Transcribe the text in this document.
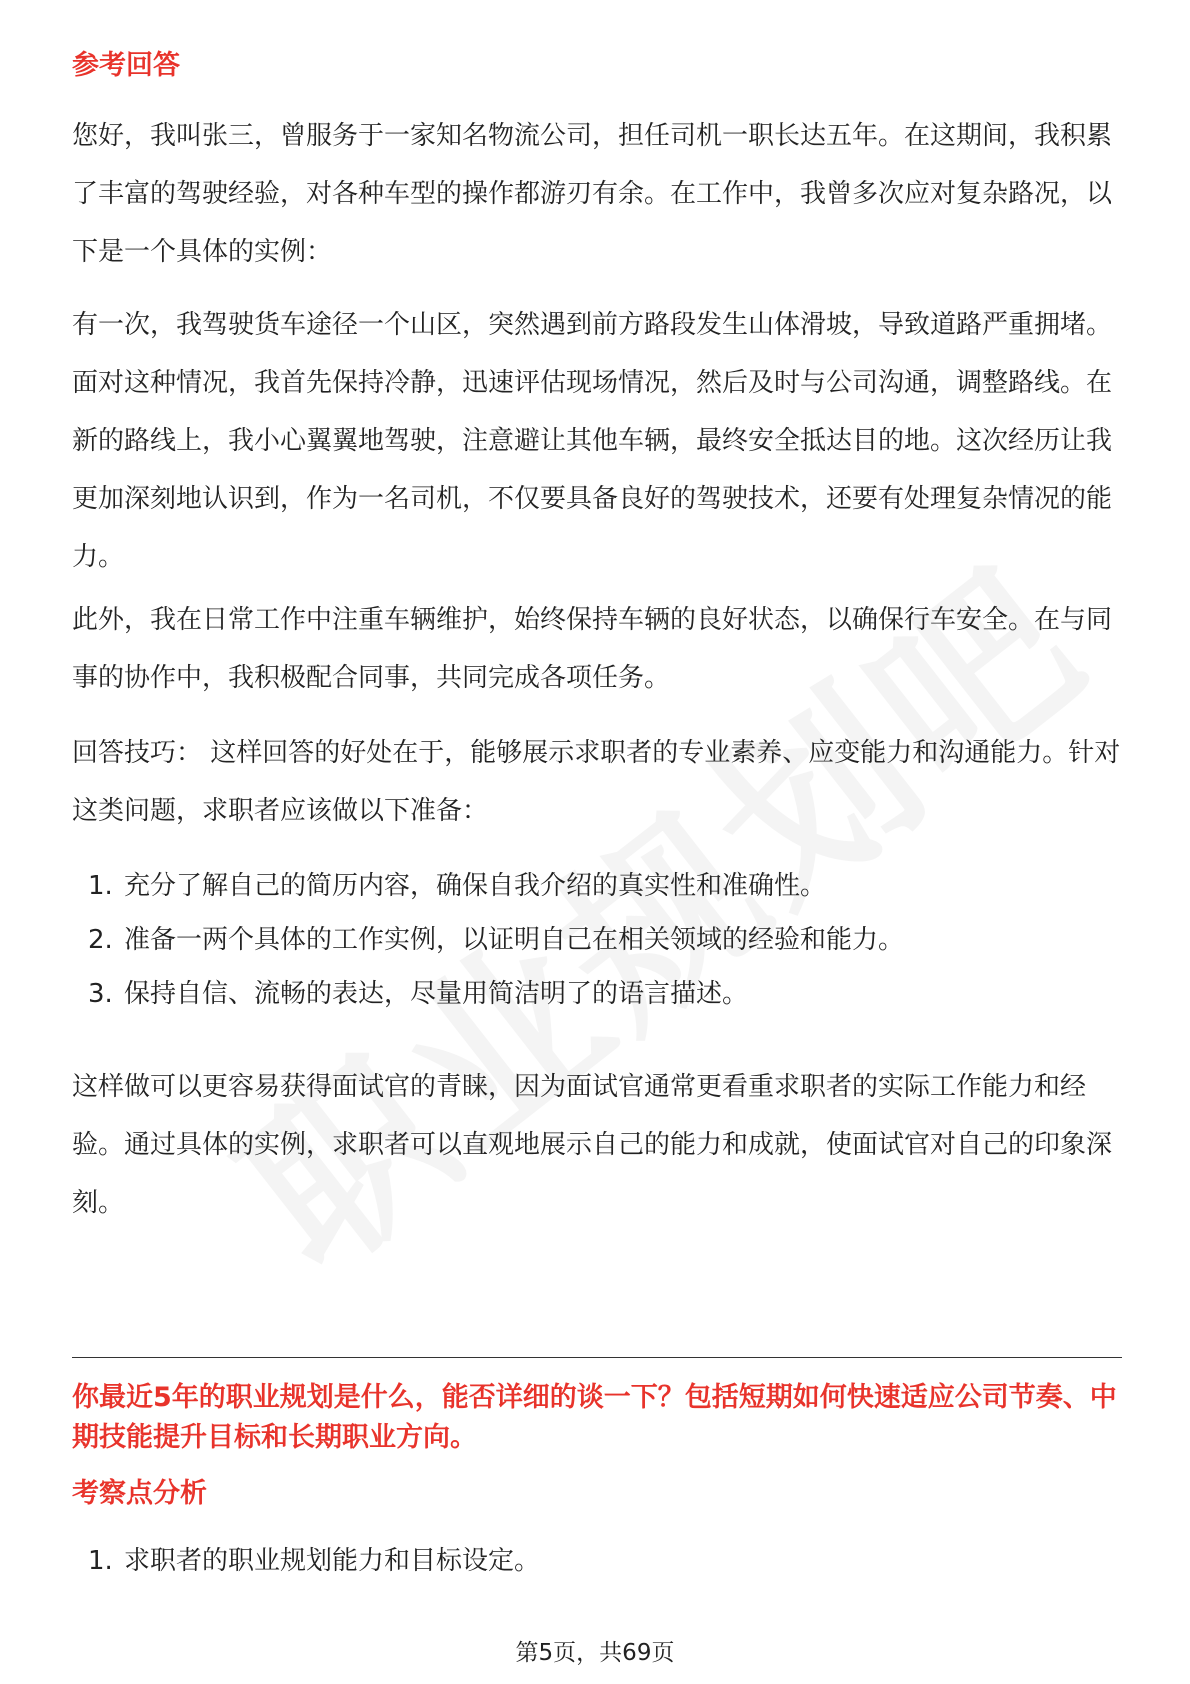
参考回答
您好，我叫张三，曾服务于一家知名物流公司，担任司机一职长达五年。在这期间，我积累了丰富的驾驶经验，对各种车型的操作都游刃有余。在工作中，我曾多次应对复杂路况，以下是一个具体的实例：
有一次，我驾驶货车途径一个山区，突然遇到前方路段发生山体滑坡，导致道路严重拥堵。面对这种情况，我首先保持冷静，迅速评估现场情况，然后及时与公司沟通，调整路线。在新的路线上，我小心翼翼地驾驶，注意避让其他车辆，最终安全抵达目的地。这次经历让我更加深刻地认识到，作为一名司机，不仅要具备良好的驾驶技术，还要有处理复杂情况的能力。
此外，我在日常工作中注重车辆维护，始终保持车辆的良好状态，以确保行车安全。在与同事的协作中，我积极配合同事，共同完成各项任务。
回答技巧： 这样回答的好处在于，能够展示求职者的专业素养、应变能力和沟通能力。针对这类问题，求职者应该做以下准备：
1. 充分了解自己的简历内容，确保自我介绍的真实性和准确性。
2. 准备一两个具体的工作实例，以证明自己在相关领域的经验和能力。
3. 保持自信、流畅的表达，尽量用简洁明了的语言描述。
这样做可以更容易获得面试官的青睐，因为面试官通常更看重求职者的实际工作能力和经验。通过具体的实例，求职者可以直观地展示自己的能力和成就，使面试官对自己的印象深刻。
你最近5年的职业规划是什么，能否详细的谈一下？包括短期如何快速适应公司节奏、中期技能提升目标和长期职业方向。
考察点分析
1. 求职者的职业规划能力和目标设定。
第5页，共69页
